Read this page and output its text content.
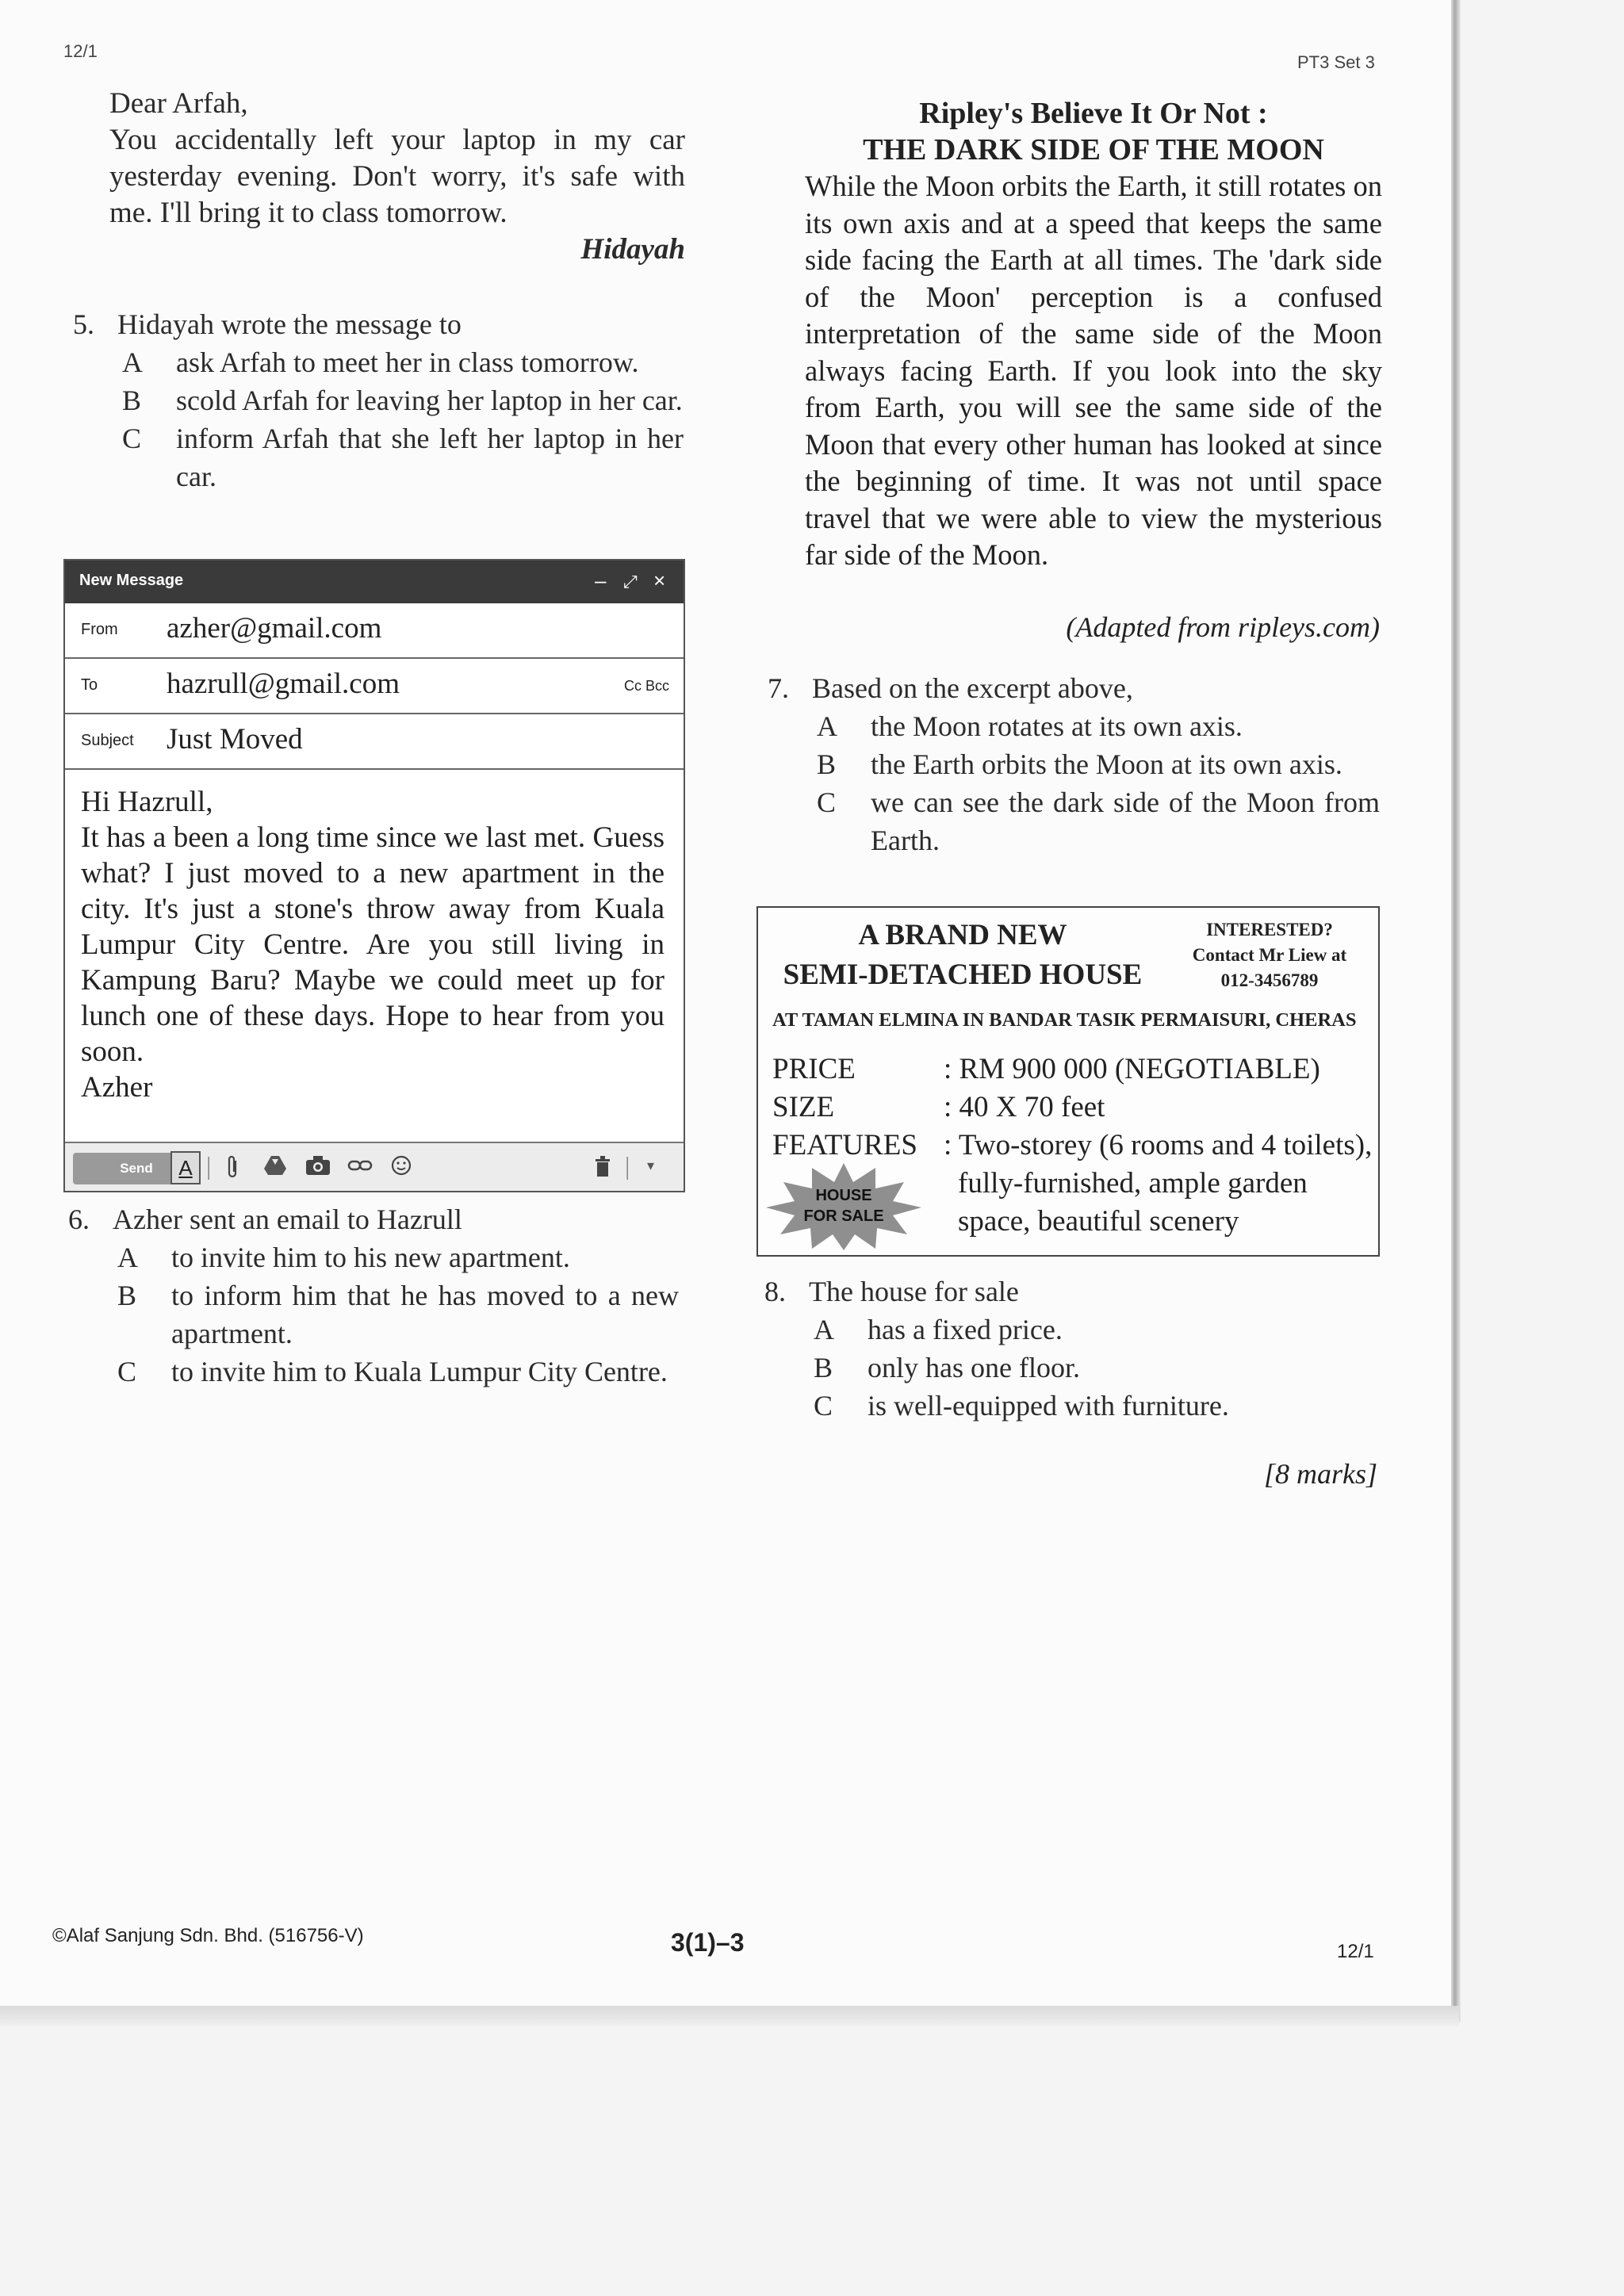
12/1
PT3 Set 3

Dear Arfah,

You accidentally left your laptop in my car yesterday evening. Don't worry, it's safe with me. I'll bring it to class tomorrow.

Hidayah

5. Hidayah wrote the message to
A ask Arfah to meet her in class tomorrow.
B scold Arfah for leaving her laptop in her car.
C inform Arfah that she left her laptop in her car.
New Message	– ⤢ ×
From azher@gmail.com
To hazrull@gmail.com	Cc Bcc
Subject Just Moved

Hi Hazrull,

It has a been a long time since we last met. Guess what? I just moved to a new apartment in the city. It's just a stone's throw away from Kuala Lumpur City Centre. Are you still living in Kampung Baru? Maybe we could meet up for lunch one of these days. Hope to hear from you soon.

Azher

Send	A |	| ▾
6. Azher sent an email to Hazrull
A to invite him to his new apartment.
B to inform him that he has moved to a new apartment.
C to invite him to Kuala Lumpur City Centre.
Ripley's Believe It Or Not :
THE DARK SIDE OF THE MOON

While the Moon orbits the Earth, it still rotates on its own axis and at a speed that keeps the same side facing the Earth at all times. The 'dark side of the Moon' perception is a confused interpretation of the same side of the Moon always facing Earth. If you look into the sky from Earth, you will see the same side of the Moon that every other human has looked at since the beginning of time. It was not until space travel that we were able to view the mysterious far side of the Moon.

(Adapted from ripleys.com)
7. Based on the excerpt above,
A the Moon rotates at its own axis.
B the Earth orbits the Moon at its own axis.
C we can see the dark side of the Moon from Earth.
A BRAND NEW
SEMI-DETACHED HOUSE
INTERESTED?
Contact Mr Liew at
012-3456789
AT TAMAN ELMINA IN BANDAR TASIK PERMAISURI, CHERAS
PRICE	: RM 900 000 (NEGOTIABLE)
SIZE	: 40 X 70 feet
FEATURES : Two-storey (6 rooms and 4 toilets), fully-furnished, ample garden space, beautiful scenery
HOUSE
FOR SALE
8. The house for sale
A has a fixed price.
B only has one floor.
C is well-equipped with furniture.
[8 marks]
©Alaf Sanjung Sdn. Bhd. (516756-V)	3(1)–3	12/1
